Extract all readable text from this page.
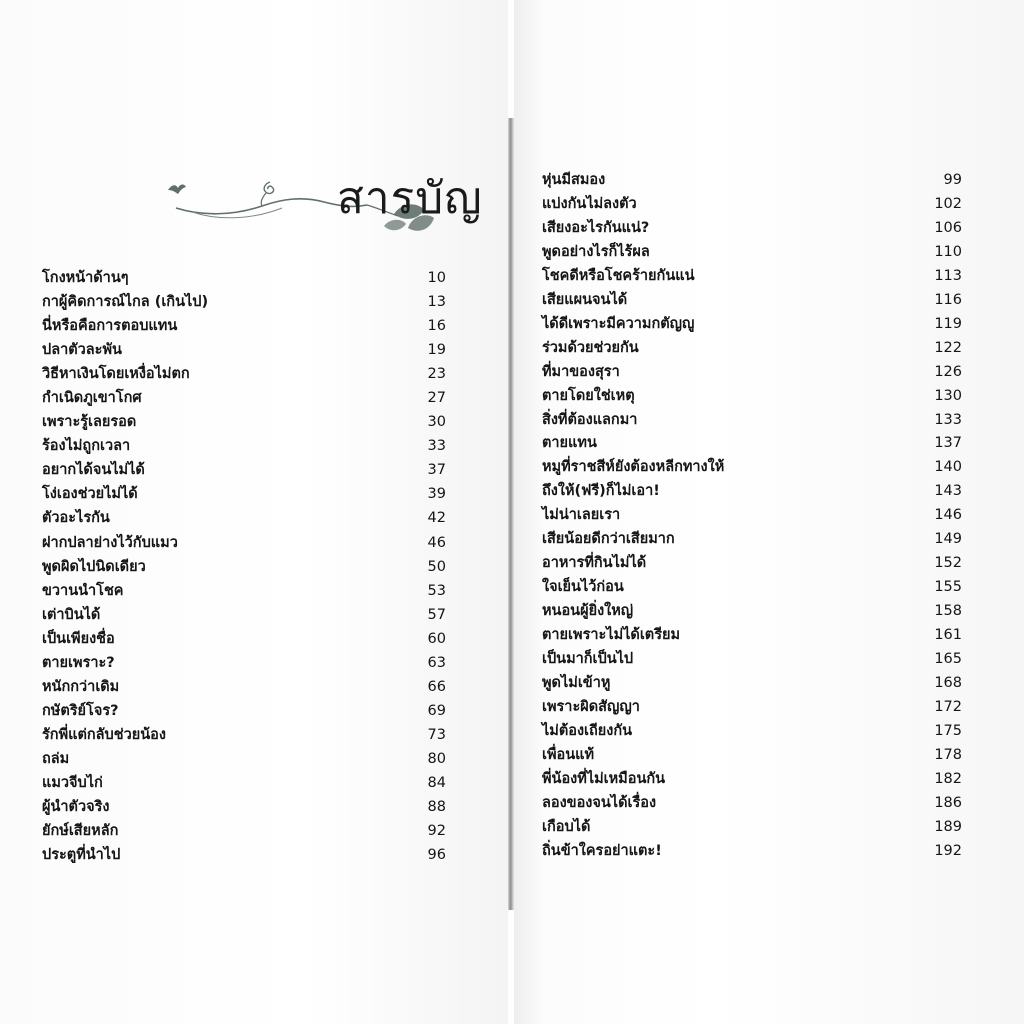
สารบัญ
โกงหน้าด้านๆ	10
กาผู้คิดการณ์ไกล (เกินไป)	13
นี่หรือคือการตอบแทน	16
ปลาตัวละพัน	19
วิธีหาเงินโดยเหงื่อไม่ตก	23
กำเนิดภูเขาโกศ	27
เพราะรู้เลยรอด	30
ร้องไม่ถูกเวลา	33
อยากได้จนไม่ได้	37
โง่เองช่วยไม่ได้	39
ตัวอะไรกัน	42
ฝากปลาย่างไว้กับแมว	46
พูดผิดไปนิดเดียว	50
ขวานนำโชค	53
เต่าบินได้	57
เป็นเพียงชื่อ	60
ตายเพราะ?	63
หนักกว่าเดิม	66
กษัตริย์โจร?	69
รักพี่แต่กลับช่วยน้อง	73
ถล่ม	80
แมวจีบไก่	84
ผู้นำตัวจริง	88
ยักษ์เสียหลัก	92
ประตูที่นำไป	96
หุ่นมีสมอง	99
แบ่งกันไม่ลงตัว	102
เสียงอะไรกันแน่?	106
พูดอย่างไรก็ไร้ผล	110
โชคดีหรือโชคร้ายกันแน่	113
เสียแผนจนได้	116
ได้ดีเพราะมีความกตัญญู	119
ร่วมด้วยช่วยกัน	122
ที่มาของสุรา	126
ตายโดยใช่เหตุ	130
สิ่งที่ต้องแลกมา	133
ตายแทน	137
หมูที่ราชสีห์ยังต้องหลีกทางให้	140
ถึงให้(ฟรี)ก็ไม่เอา!	143
ไม่น่าเลยเรา	146
เสียน้อยดีกว่าเสียมาก	149
อาหารที่กินไม่ได้	152
ใจเย็นไว้ก่อน	155
หนอนผู้ยิ่งใหญ่	158
ตายเพราะไม่ได้เตรียม	161
เป็นมาก็เป็นไป	165
พูดไม่เข้าหู	168
เพราะผิดสัญญา	172
ไม่ต้องเถียงกัน	175
เพื่อนแท้	178
พี่น้องที่ไม่เหมือนกัน	182
ลองของจนได้เรื่อง	186
เกือบได้	189
ถิ่นข้าใครอย่าแตะ!	192
